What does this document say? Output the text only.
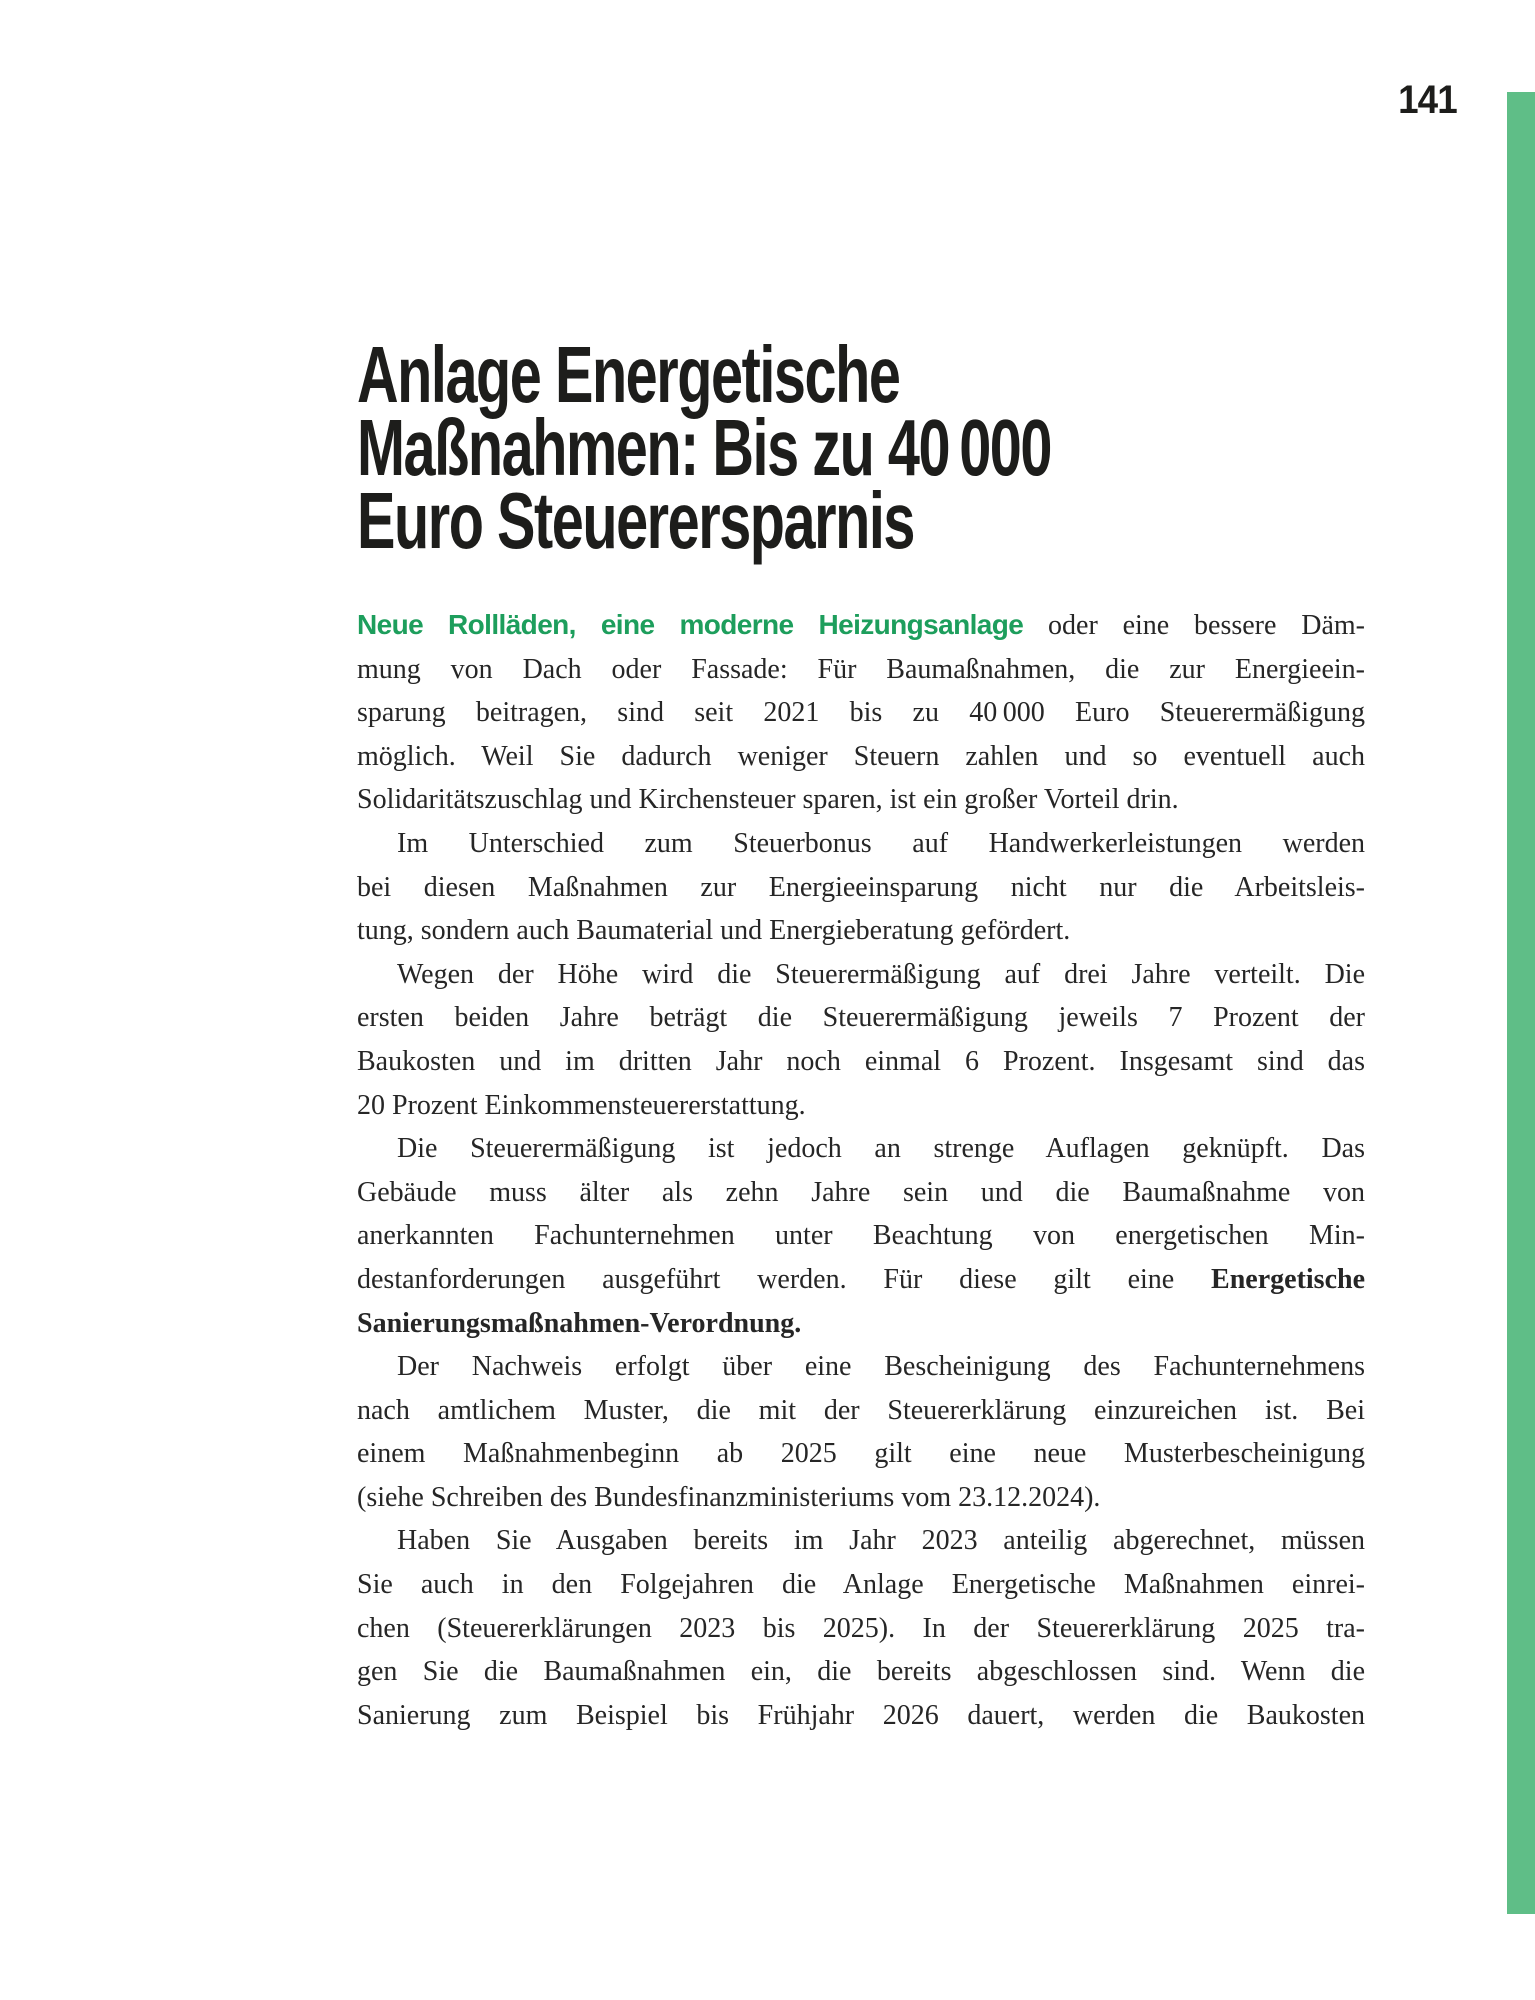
141
Anlage Energetische
Maßnahmen: Bis zu 40 000
Euro Steuerersparnis
Neue Rollläden, eine moderne Heizungsanlage oder eine bessere Däm-
mung von Dach oder Fassade: Für Baumaßnahmen, die zur Energieein-
sparung beitragen, sind seit 2021 bis zu 40 000 Euro Steuerermäßigung
möglich. Weil Sie dadurch weniger Steuern zahlen und so eventuell auch
Solidaritätszuschlag und Kirchensteuer sparen, ist ein großer Vorteil drin.
Im Unterschied zum Steuerbonus auf Handwerkerleistungen werden
bei diesen Maßnahmen zur Energieeinsparung nicht nur die Arbeitsleis-
tung, sondern auch Baumaterial und Energieberatung gefördert.
Wegen der Höhe wird die Steuerermäßigung auf drei Jahre verteilt. Die
ersten beiden Jahre beträgt die Steuerermäßigung jeweils 7 Prozent der
Baukosten und im dritten Jahr noch einmal 6 Prozent. Insgesamt sind das
20 Prozent Einkommensteuererstattung.
Die Steuerermäßigung ist jedoch an strenge Auflagen geknüpft. Das
Gebäude muss älter als zehn Jahre sein und die Baumaßnahme von
anerkannten Fachunternehmen unter Beachtung von energetischen Min-
destanforderungen ausgeführt werden. Für diese gilt eine Energetische
Sanierungsmaßnahmen-Verordnung.
Der Nachweis erfolgt über eine Bescheinigung des Fachunternehmens
nach amtlichem Muster, die mit der Steuererklärung einzureichen ist. Bei
einem Maßnahmenbeginn ab 2025 gilt eine neue Musterbescheinigung
(siehe Schreiben des Bundesfinanzministeriums vom 23.12.2024).
Haben Sie Ausgaben bereits im Jahr 2023 anteilig abgerechnet, müssen
Sie auch in den Folgejahren die Anlage Energetische Maßnahmen einrei-
chen (Steuererklärungen 2023 bis 2025). In der Steuererklärung 2025 tra-
gen Sie die Baumaßnahmen ein, die bereits abgeschlossen sind. Wenn die
Sanierung zum Beispiel bis Frühjahr 2026 dauert, werden die Baukosten
